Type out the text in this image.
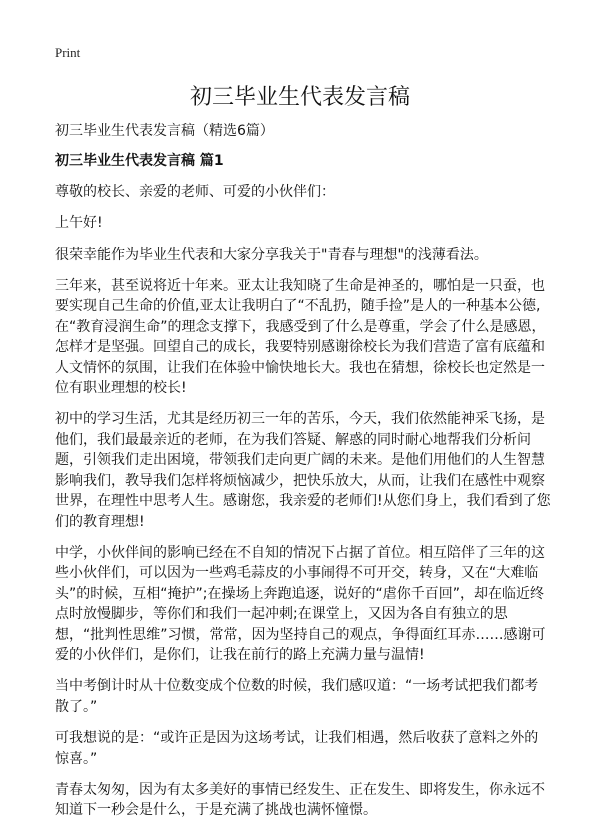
Print
初三毕业生代表发言稿

初三毕业生代表发言稿（精选6篇）

初三毕业生代表发言稿 篇1

尊敬的校长、亲爱的老师、可爱的小伙伴们：

上午好!

很荣幸能作为毕业生代表和大家分享我关于"青春与理想"的浅薄看法。

三年来，甚至说将近十年来。亚太让我知晓了生命是神圣的，哪怕是一只蚕，也要实现自己生命的价值,亚太让我明白了“不乱扔，随手捡”是人的一种基本公德,在“教育浸润生命”的理念支撑下，我感受到了什么是尊重，学会了什么是感恩，怎样才是坚强。回望自己的成长，我要特别感谢徐校长为我们营造了富有底蕴和人文情怀的氛围，让我们在体验中愉快地长大。我也在猜想，徐校长也定然是一位有职业理想的校长!

初中的学习生活，尤其是经历初三一年的苦乐，今天，我们依然能神采飞扬，是他们，我们最最亲近的老师，在为我们答疑、解惑的同时耐心地帮我们分析问题，引领我们走出困境，带领我们走向更广阔的未来。是他们用他们的人生智慧影响我们，教导我们怎样将烦恼减少，把快乐放大，从而，让我们在感性中观察世界，在理性中思考人生。感谢您，我亲爱的老师们!从您们身上，我们看到了您们的教育理想!

中学，小伙伴间的影响已经在不自知的情况下占据了首位。相互陪伴了三年的这些小伙伴们，可以因为一些鸡毛蒜皮的小事闹得不可开交，转身，又在“大难临头”的时候，互相“掩护”;在操场上奔跑追逐，说好的“虐你千百回”，却在临近终点时放慢脚步，等你们和我们一起冲刺;在课堂上，又因为各自有独立的思想，“批判性思维”习惯，常常，因为坚持自己的观点，争得面红耳赤……感谢可爱的小伙伴们，是你们，让我在前行的路上充满力量与温情!

当中考倒计时从十位数变成个位数的时候，我们感叹道：“一场考试把我们都考散了。”

可我想说的是：“或许正是因为这场考试，让我们相遇，然后收获了意料之外的惊喜。”

青春太匆匆，因为有太多美好的事情已经发生、正在发生、即将发生，你永远不知道下一秒会是什么，于是充满了挑战也满怀憧憬。
